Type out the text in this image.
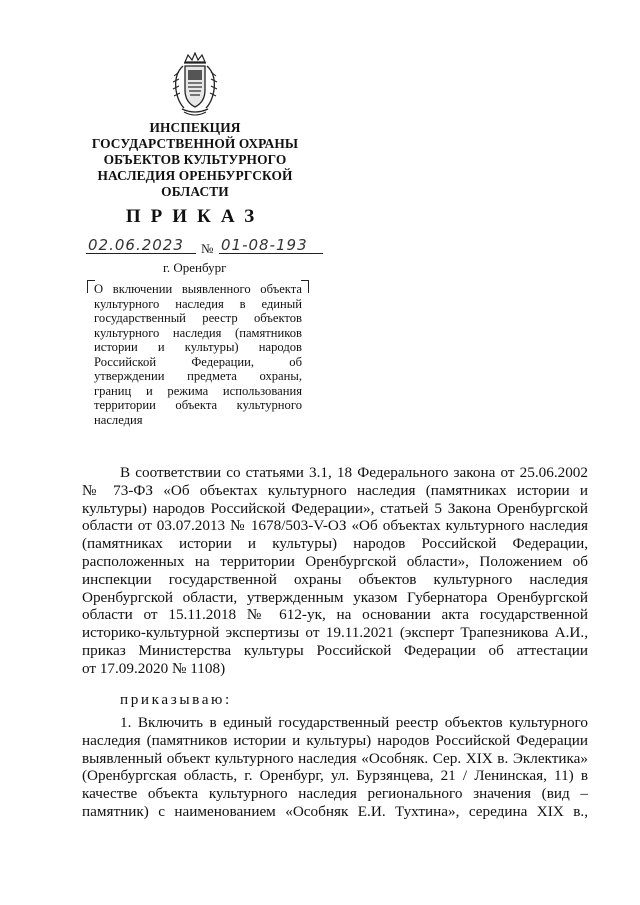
ИНСПЕКЦИЯ
ГОСУДАРСТВЕННОЙ ОХРАНЫ
ОБЪЕКТОВ КУЛЬТУРНОГО
НАСЛЕДИЯ ОРЕНБУРГСКОЙ
ОБЛАСТИ
ПРИКАЗ
02.06.2023 № 01-08-193
г. Оренбург
О включении выявленного объекта
культурного наследия в единый
государственный реестр объектов
культурного наследия (памятников
истории и культуры) народов
Российской Федерации, об
утверждении предмета охраны,
границ и режима использования
территории объекта культурного
наследия
В соответствии со статьями 3.1, 18 Федерального закона от 25.06.2002
№ 73-ФЗ «Об объектах культурного наследия (памятниках истории и
культуры) народов Российской Федерации», статьей 5 Закона Оренбургской
области от 03.07.2013 № 1678/503-V-ОЗ «Об объектах культурного наследия
(памятниках истории и культуры) народов Российской Федерации,
расположенных на территории Оренбургской области», Положением об
инспекции государственной охраны объектов культурного наследия
Оренбургской области, утвержденным указом Губернатора Оренбургской
области от 15.11.2018 № 612-ук, на основании акта государственной
историко-культурной экспертизы от 19.11.2021 (эксперт Трапезникова А.И.,
приказ Министерства культуры Российской Федерации об аттестации
от 17.09.2020 № 1108)
приказываю:
1. Включить в единый государственный реестр объектов культурного
наследия (памятников истории и культуры) народов Российской Федерации
выявленный объект культурного наследия «Особняк. Сер. XIX в. Эклектика»
(Оренбургская область, г. Оренбург, ул. Бурзянцева, 21 / Ленинская, 11) в
качестве объекта культурного наследия регионального значения (вид –
памятник) с наименованием «Особняк Е.И. Тухтина», середина XIX в.,
